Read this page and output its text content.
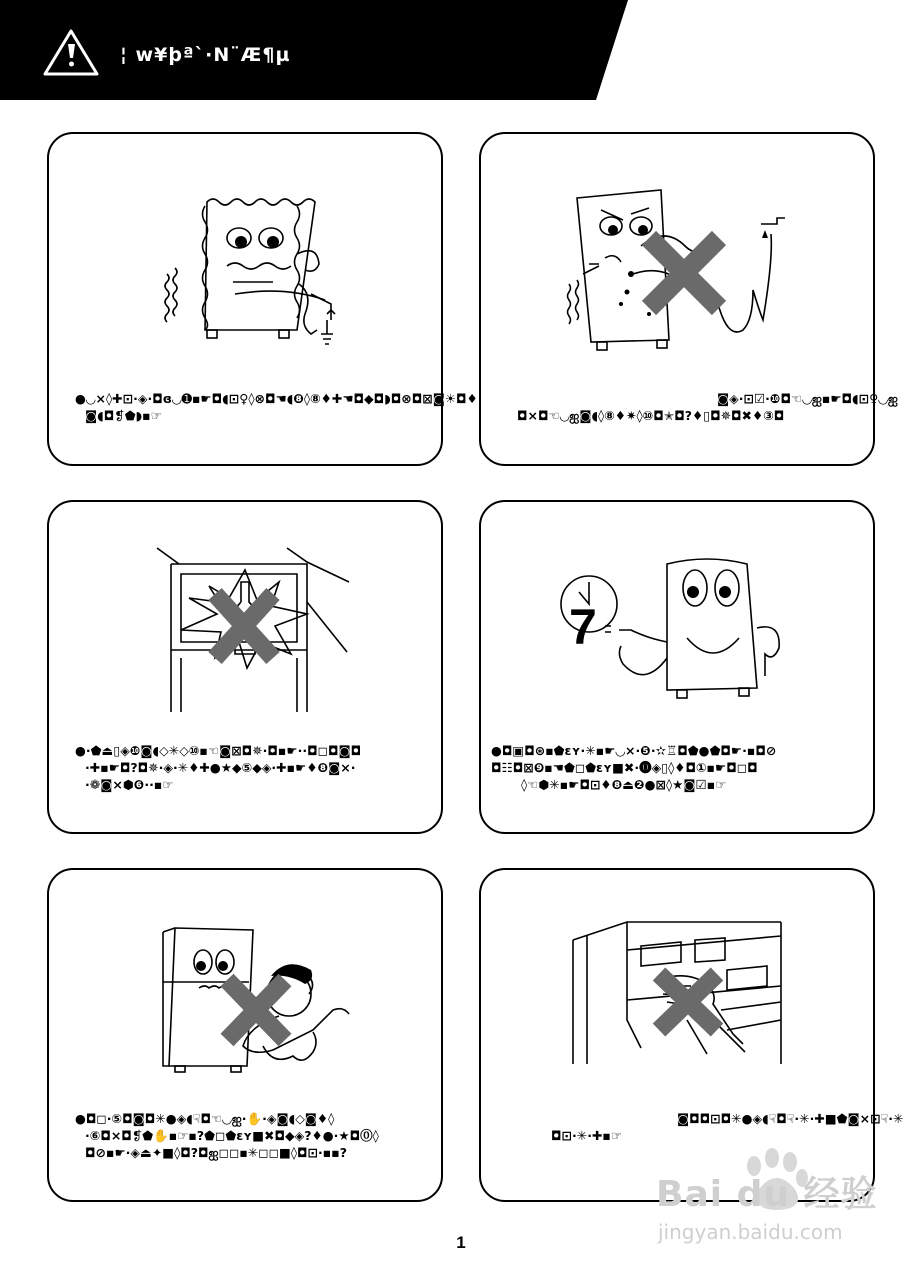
¦ w¥þª`·N¨Æ¶µ
●◡×◊✚⊡·◈·◘ɞ◡➊▪☛◘◖⊡♀◊⊗◘☚◖❽◊⑧♦✚☚◘◆◘◗◘⊗◘⊠◙☀◘♦
◙◖◘❡⬟◗▪☞
◙◈·⊡☑·❿◘☜◡ஐ▪☛◘◖⊡♀◡ஐ
◘×◘☜◡ஐ◙◖◊⑧♦✷◊⑩◘✭◘?♦▯◘✵◘✖♦③◘
●·⬟⏏▯◈❿◙◖◇✳◇⑩▪☜◙⊠◘✵·◘▪☛··◘◻◘◙◘
·✚▪☛◘?◘✵·◈·✳♦✚●★◆⑤◆◈·✚▪☛♦❽◙×·
·❁◙×⬢❻··▪☞
7
●◘▣◘⊛▪⬟ɛʏ·✳▪☛◡×·❺·✫♖◘⬟●⬟◘☛·▪◘⊘
◘☷◘⊠❾▪☚⬟◻⬟ɛʏ■✖·⓿◈▯◊♦◘①▪☛◘◻◘
◊☜⬢✳▪☛◘⊡♦❽⏏❷●⊠◊★◙☑▪☞
●◘◻·⑤◘◙◘✳●◈◖☟◘☜◡ஐ·✋·◈◙◖◇◙♦◊
·⑥◘×◘❡⬟✋▪☞▪?⬟◻⬟ɛʏ■✖◘◆◈?♦●·★◘⓪◊
◘⊘▪☛·◈⏏✦■◊◘?◘ஐ◻◻▪✳◻◻■◊◘⊡·▪▪?
◙◘◘⊡◘✳●◈◖☟◘☟·✳·✚■⬟◙×⊡☟·✳
◘⊡·✳·✚▪☞
1
Bai du 经验
jingyan.baidu.com
